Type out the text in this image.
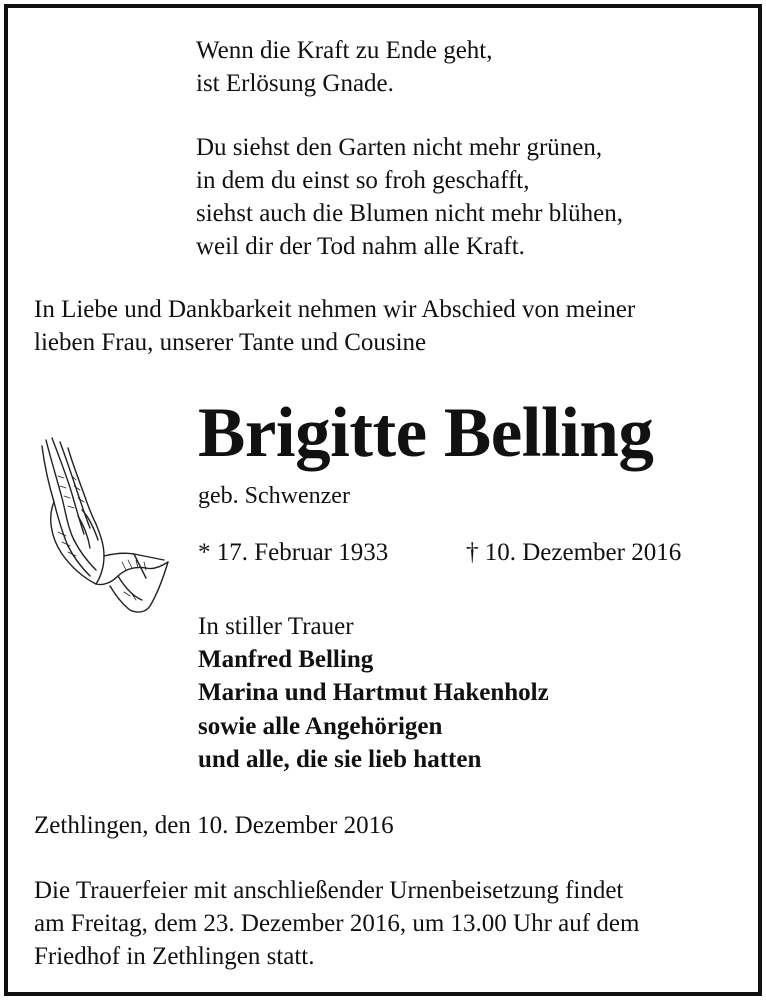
Wenn die Kraft zu Ende geht,

ist Erlösung Gnade.

Du siehst den Garten nicht mehr grünen,

in dem du einst so froh geschafft,

siehst auch die Blumen nicht mehr blühen,

weil dir der Tod nahm alle Kraft.

In Liebe und Dankbarkeit nehmen wir Abschied von meiner

lieben Frau, unserer Tante und Cousine

Brigitte Belling

geb. Schwenzer

* 17. Februar 1933	† 10. Dezember 2016

In stiller Trauer

Manfred Belling

Marina und Hartmut Hakenholz

sowie alle Angehörigen

und alle, die sie lieb hatten

Zethlingen, den 10. Dezember 2016

Die Trauerfeier mit anschließender Urnenbeisetzung findet

am Freitag, dem 23. Dezember 2016, um 13.00 Uhr auf dem

Friedhof in Zethlingen statt.
